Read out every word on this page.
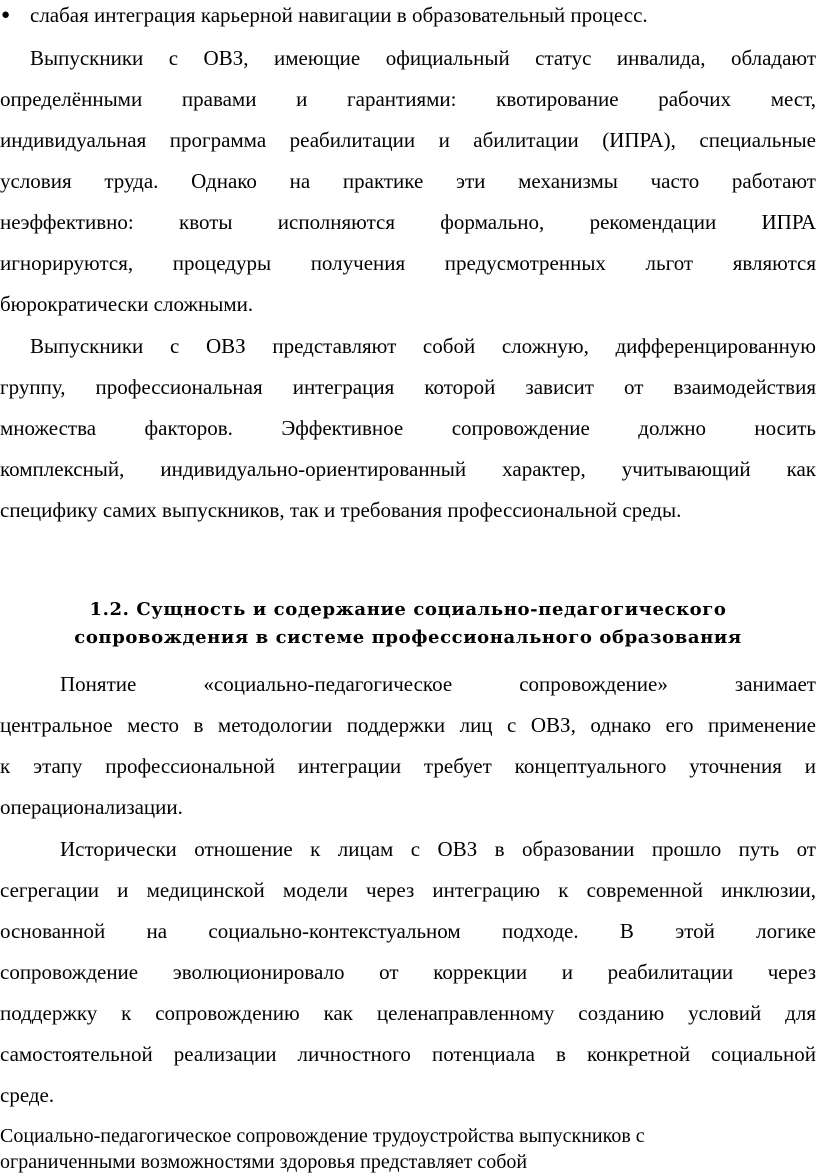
● слабая интеграция карьерной навигации в образовательный процесс.

Выпускники с ОВЗ, имеющие официальный статус инвалида, обладают

определёнными правами и гарантиями: квотирование рабочих мест,

индивидуальная программа реабилитации и абилитации (ИПРА), специальные

условия труда. Однако на практике эти механизмы часто работают

неэффективно: квоты исполняются формально, рекомендации ИПРА

игнорируются, процедуры получения предусмотренных льгот являются

бюрократически сложными.

Выпускники с ОВЗ представляют собой сложную, дифференцированную

группу, профессиональная интеграция которой зависит от взаимодействия

множества факторов. Эффективное сопровождение должно носить

комплексный, индивидуально-ориентированный характер, учитывающий как

специфику самих выпускников, так и требования профессиональной среды.

1.2. Сущность и содержание социально-педагогического
сопровождения в системе профессионального образования

Понятие «социально-педагогическое сопровождение» занимает

центральное место в методологии поддержки лиц с ОВЗ, однако его применение

к этапу профессиональной интеграции требует концептуального уточнения и

операционализации.

Исторически отношение к лицам с ОВЗ в образовании прошло путь от

сегрегации и медицинской модели через интеграцию к современной инклюзии,

основанной на социально-контекстуальном подходе. В этой логике

сопровождение эволюционировало от коррекции и реабилитации через

поддержку к сопровождению как целенаправленному созданию условий для

самостоятельной реализации личностного потенциала в конкретной социальной

среде.

Социально-педагогическое сопровождение трудоустройства выпускников с

ограниченными возможностями здоровья представляет собой
